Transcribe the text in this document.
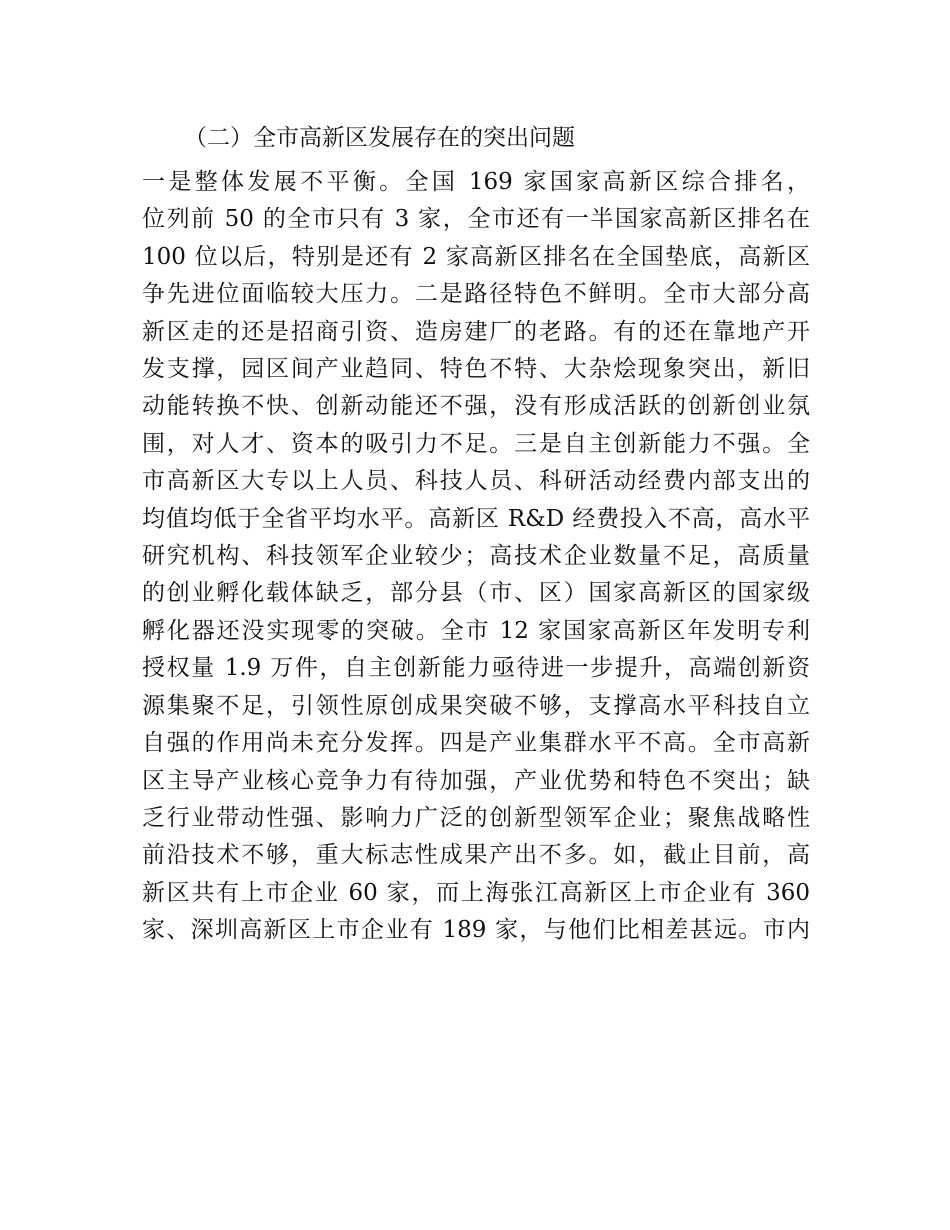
（二）全市高新区发展存在的突出问题
一是整体发展不平衡。全国 169 家国家高新区综合排名，
位列前 50 的全市只有 3 家，全市还有一半国家高新区排名在
100 位以后，特别是还有 2 家高新区排名在全国垫底，高新区
争先进位面临较大压力。二是路径特色不鲜明。全市大部分高
新区走的还是招商引资、造房建厂的老路。有的还在靠地产开
发支撑，园区间产业趋同、特色不特、大杂烩现象突出，新旧
动能转换不快、创新动能还不强，没有形成活跃的创新创业氛
围，对人才、资本的吸引力不足。三是自主创新能力不强。全
市高新区大专以上人员、科技人员、科研活动经费内部支出的
均值均低于全省平均水平。高新区 R&D 经费投入不高，高水平
研究机构、科技领军企业较少；高技术企业数量不足，高质量
的创业孵化载体缺乏，部分县（市、区）国家高新区的国家级
孵化器还没实现零的突破。全市 12 家国家高新区年发明专利
授权量 1.9 万件，自主创新能力亟待进一步提升，高端创新资
源集聚不足，引领性原创成果突破不够，支撑高水平科技自立
自强的作用尚未充分发挥。四是产业集群水平不高。全市高新
区主导产业核心竞争力有待加强，产业优势和特色不突出；缺
乏行业带动性强、影响力广泛的创新型领军企业；聚焦战略性
前沿技术不够，重大标志性成果产出不多。如，截止目前，高
新区共有上市企业 60 家，而上海张江高新区上市企业有 360
家、深圳高新区上市企业有 189 家，与他们比相差甚远。市内
